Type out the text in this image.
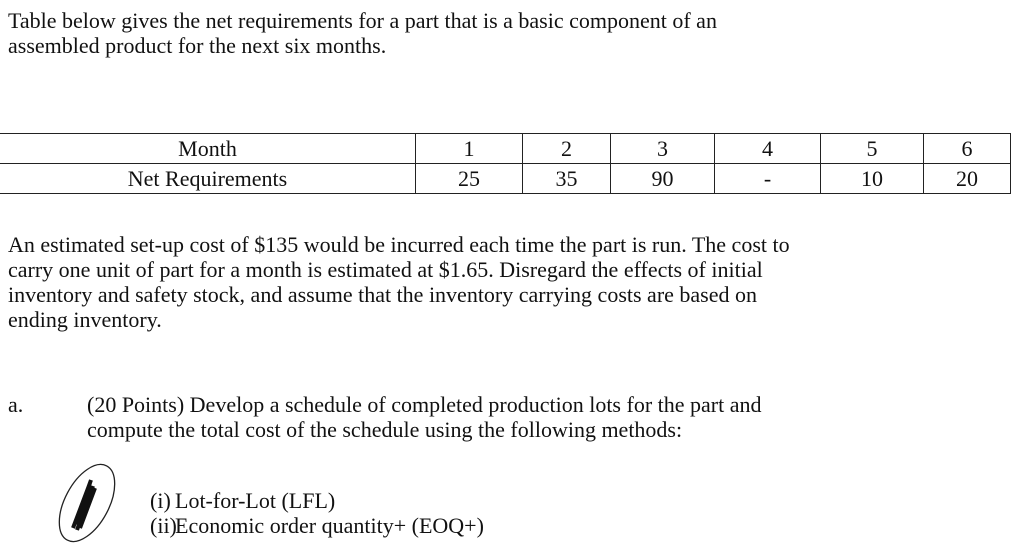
Table below gives the net requirements for a part that is a basic component of an

assembled product for the next six months.

Month	1	2	3	4	5	6
Net Requirements	25	35	90	-	10	20

An estimated set-up cost of $135 would be incurred each time the part is run. The cost to

carry one unit of part for a month is estimated at $1.65. Disregard the effects of initial

inventory and safety stock, and assume that the inventory carrying costs are based on

ending inventory.

a.	(20 Points) Develop a schedule of completed production lots for the part and
compute the total cost of the schedule using the following methods:
(i) Lot-for-Lot (LFL)
(ii)
Economic order quantity+ (EOQ+)
